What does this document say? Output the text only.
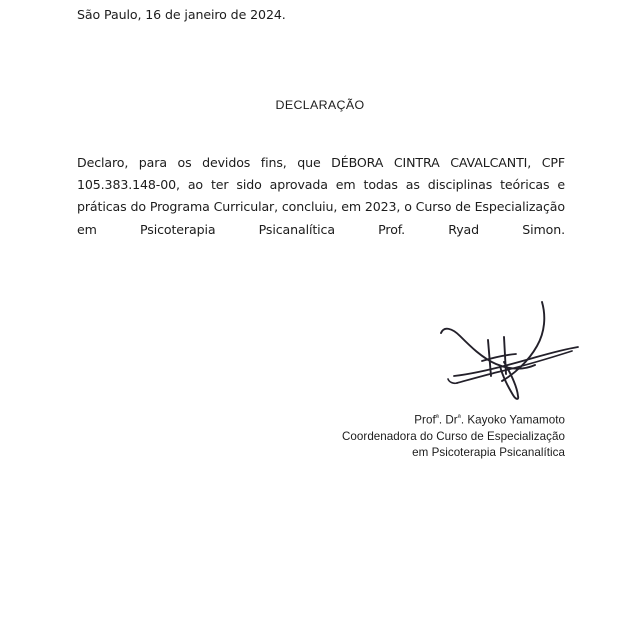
São Paulo, 16 de janeiro de 2024.
DECLARAÇÃO

Declaro, para os devidos fins, que DÉBORA CINTRA CAVALCANTI, CPF 105.383.148-00, ao ter sido aprovada em todas as disciplinas teóricas e práticas do Programa Curricular, concluiu, em 2023, o Curso de Especialização em Psicoterapia Psicanalítica Prof. Ryad Simon.

Prof$^ª$. $Dr^ª$. Kayoko Yamamoto
Coordenadora do Curso de Especialização
em Psicoterapia Psicanalítica
